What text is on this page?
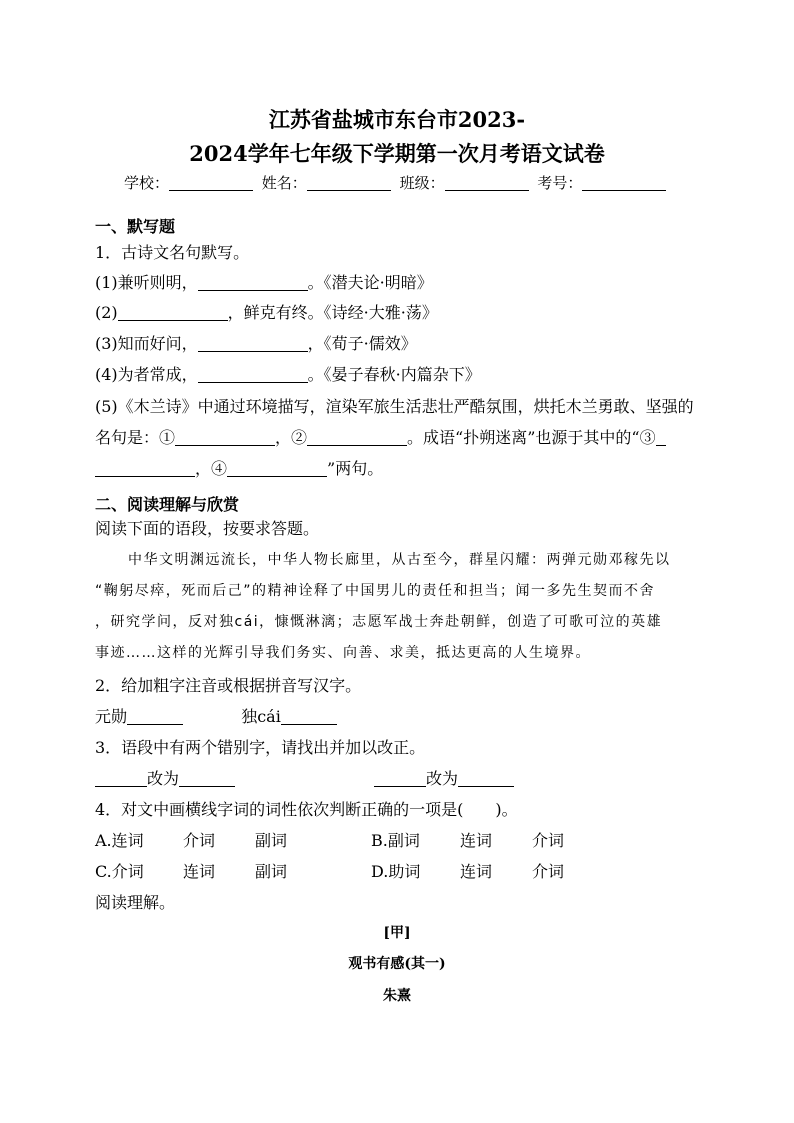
江苏省盐城市东台市2023-
2024学年七年级下学期第一次月考语文试卷
学校：	姓名：	班级：	考号：
一、默写题
1．古诗文名句默写。
(1)兼听则明，	。《潜夫论·明暗》
(2)	，鲜克有终。《诗经·大雅·荡》
(3)知而好问，	，《荀子·儒效》
(4)为者常成，	。《晏子春秋·内篇杂下》
(5)《木兰诗》中通过环境描写，渲染军旅生活悲壮严酷氛围，烘托木兰勇敢、坚强的
名句是：①	，②	。成语“扑朔迷离”也源于其中的“③
，④	”两句。
二、阅读理解与欣赏
阅读下面的语段，按要求答题。
中华文明渊远流长，中华人物长廊里，从古至今，群星闪耀：两弹元勋邓稼先以
“鞠躬尽瘁，死而后己”的精神诠释了中国男儿的责任和担当；闻一多先生契而不舍
，研究学问，反对独cái，慷慨淋漓；志愿军战士奔赴朝鲜，创造了可歌可泣的英雄
事迹……这样的光辉引导我们务实、向善、求美，抵达更高的人生境界。
2．给加粗字注音或根据拼音写汉字。
元勋	独cái
3．语段中有两个错别字，请找出并加以改正。
改为	改为
4．对文中画横线字词的词性依次判断正确的一项是(　　)。
A.连词 介词 副词	B.副词	连词 介词
C.介词 连词 副词	D.助词 连词 介词
阅读理解。
[甲]
观书有感(其一)
朱熹
